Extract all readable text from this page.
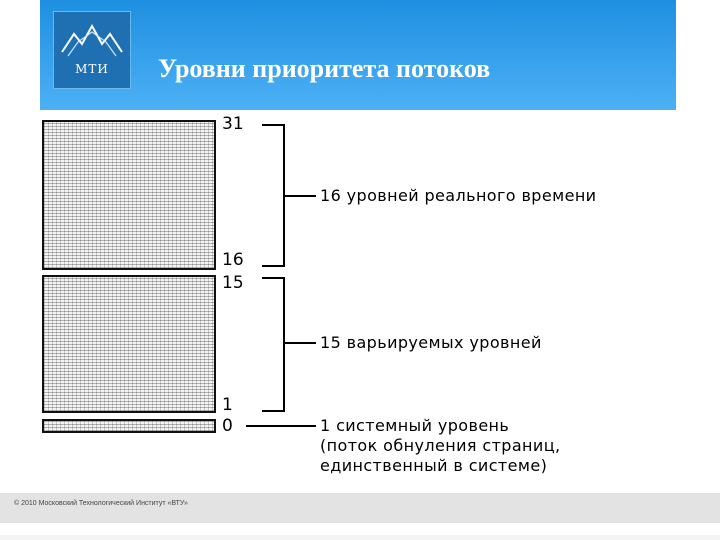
МТИ	Уровни приоритета потоков
31
16
15
1
0
16 уровней реального времени
15 варьируемых уровней
1 системный уровень
(поток обнуления страниц,
единственный в системе)
© 2010 Московский Технологический Институт «ВТУ»
